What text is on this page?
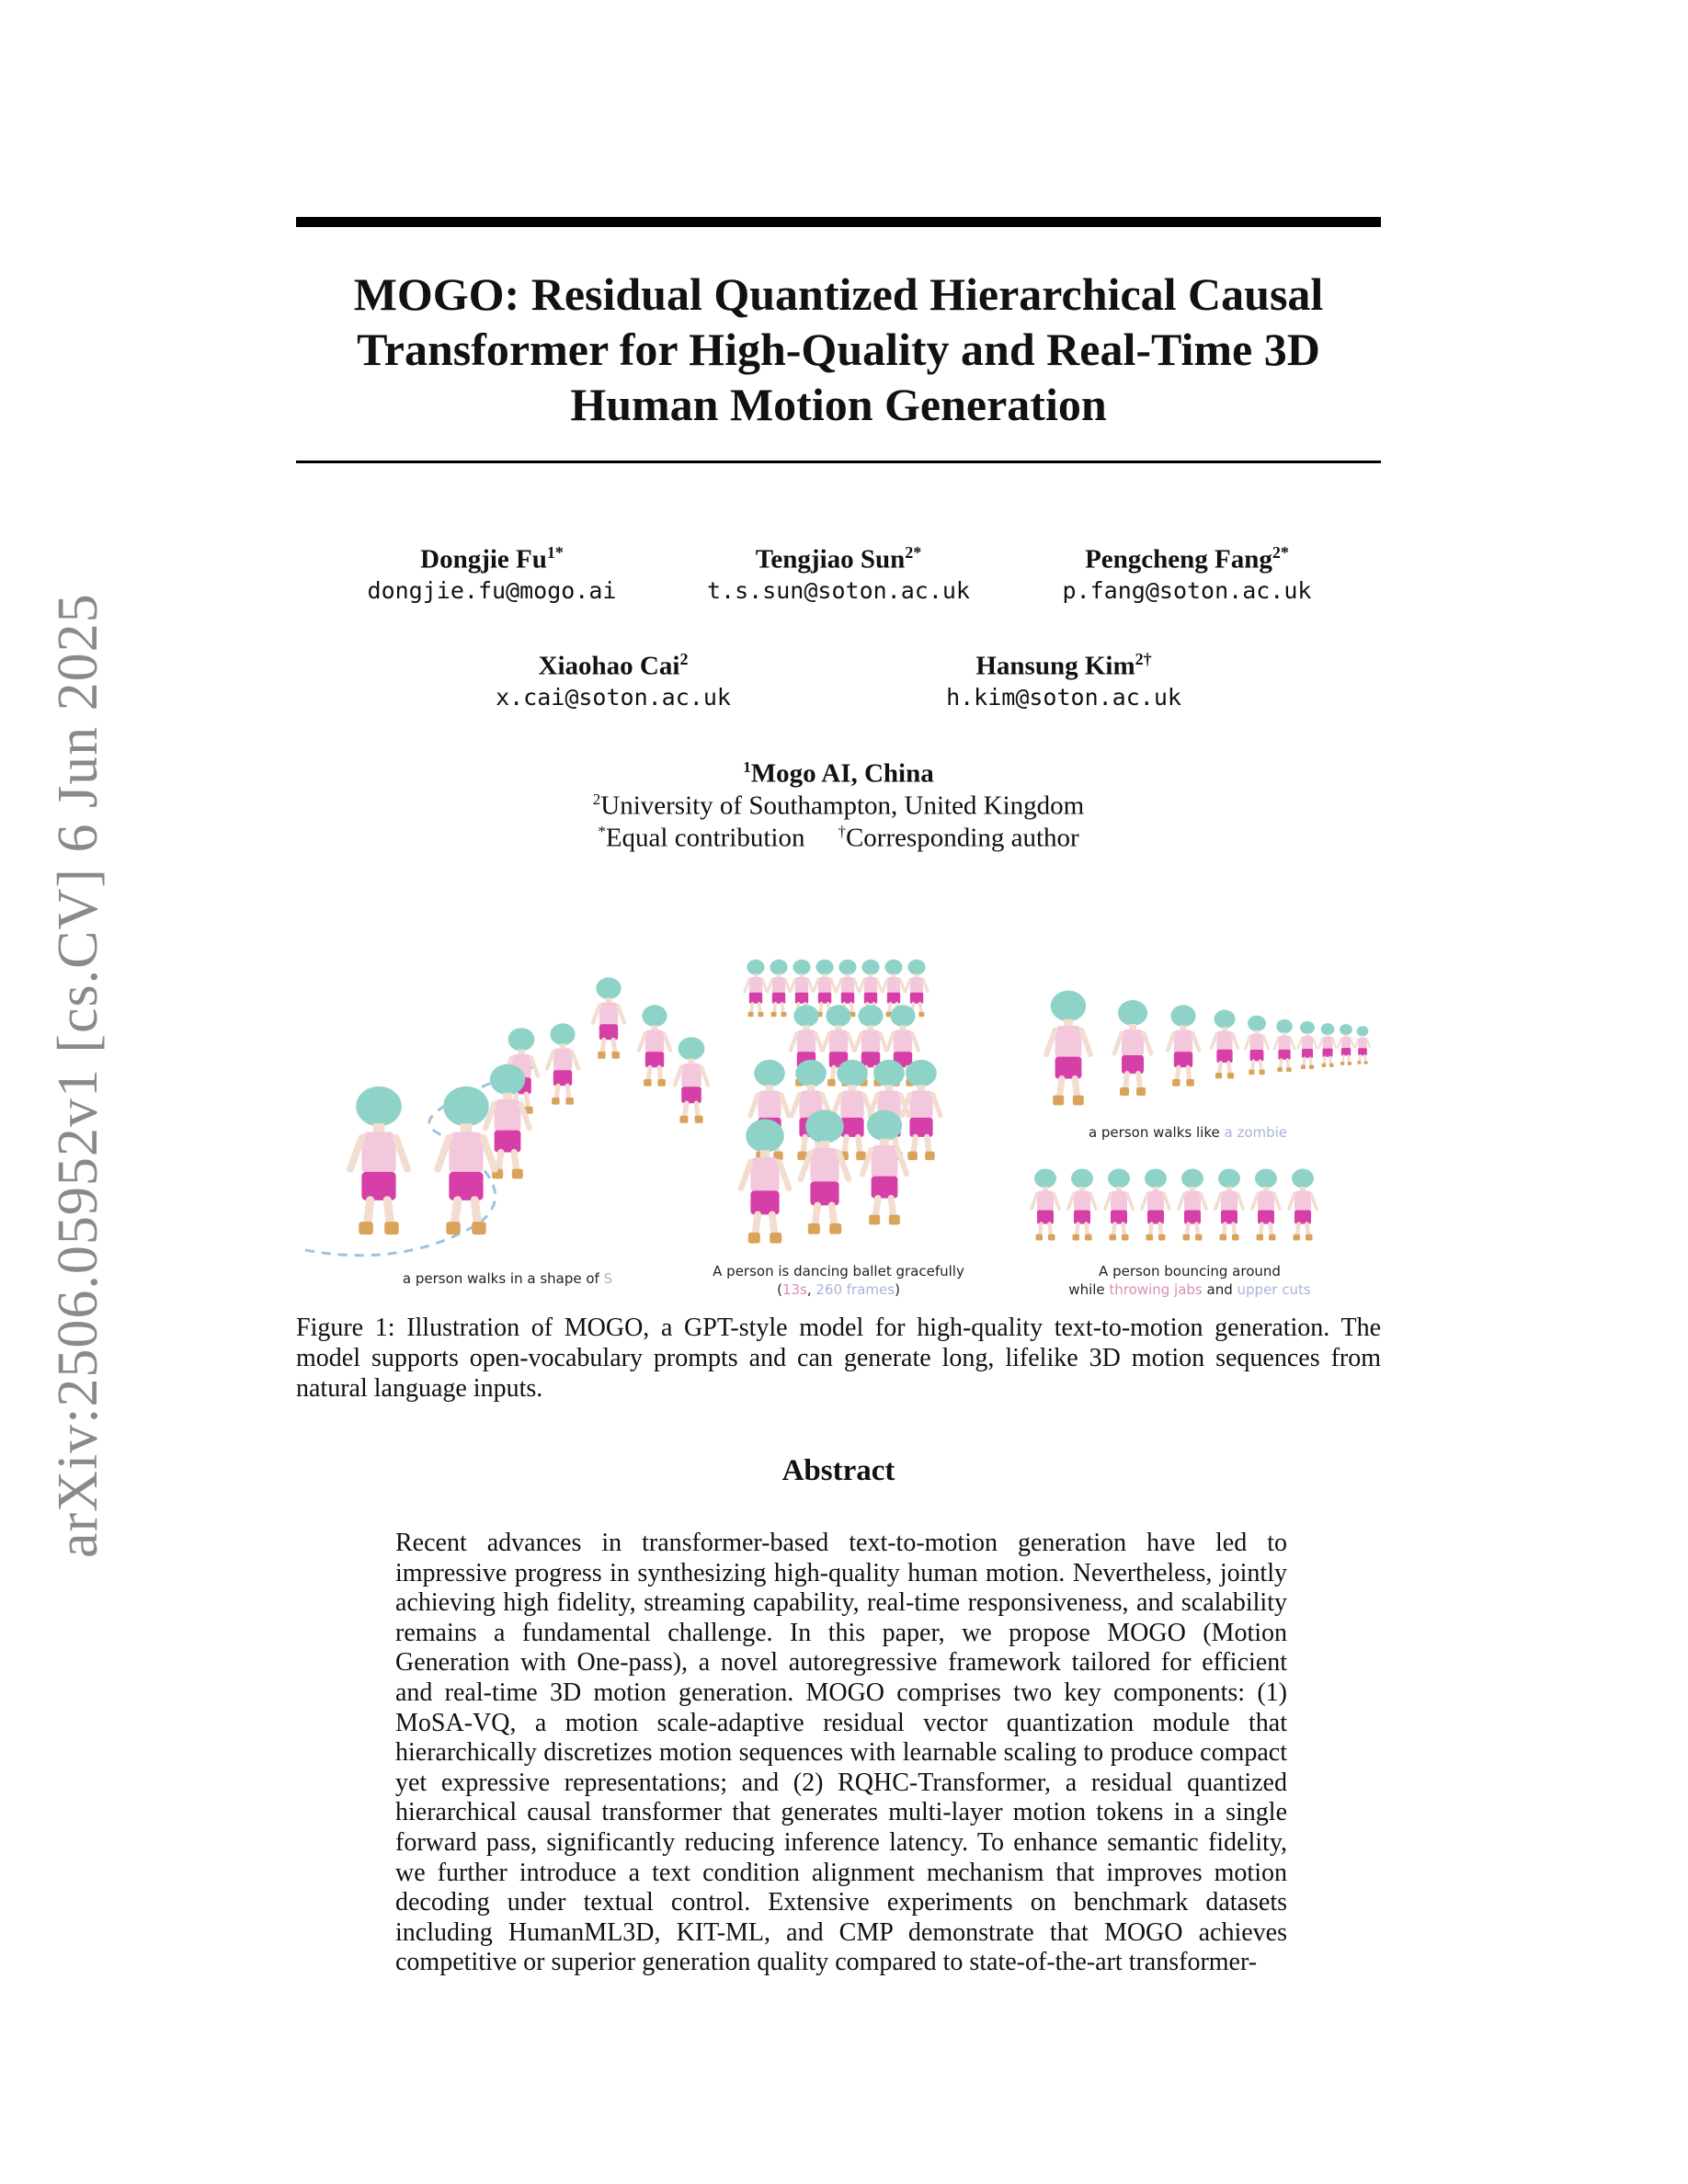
arXiv:2506.05952v1 [cs.CV] 6 Jun 2025
MOGO: Residual Quantized Hierarchical Causal
Transformer for High-Quality and Real-Time 3D
Human Motion Generation
Dongjie $Fu^{1*}$
dongjie.fu@mogo.ai
Tengjiao Sun$^{2*}$
t.s.sun@soton.ac.uk
Pengcheng Fang$^{2*}$
p.fang@soton.ac.uk
Xiaohao Cai$^2$
x.cai@soton.ac.uk
Hansung Kim$^{2\dagger}$
h.kim@soton.ac.uk
$^1$Mogo AI, China
$^2$University of Southampton, United Kingdom
*Equal contribution †Corresponding author
a person walks in a shape of S	A person is dancing ballet gracefully
(13s, 260 frames)
a person walks like a zombie
A person bouncing around
while throwing jabs and upper cuts
Figure 1: Illustration of MOGO, a GPT-style model for high-quality text-to-motion generation. The model supports open-vocabulary prompts and can generate long, lifelike 3D motion sequences from natural language inputs.
Abstract
Recent advances in transformer-based text-to-motion generation have led to impressive progress in synthesizing high-quality human motion. Nevertheless, jointly achieving high fidelity, streaming capability, real-time responsiveness, and scalability remains a fundamental challenge. In this paper, we propose MOGO (Motion Generation with One-pass), a novel autoregressive framework tailored for efficient and real-time 3D motion generation. MOGO comprises two key components: (1) MoSA-VQ, a motion scale-adaptive residual vector quantization module that hierarchically discretizes motion sequences with learnable scaling to produce compact yet expressive representations; and (2) RQHC-Transformer, a residual quantized hierarchical causal transformer that generates multi-layer motion tokens in a single forward pass, significantly reducing inference latency. To enhance semantic fidelity, we further introduce a text condition alignment mechanism that improves motion decoding under textual control. Extensive experiments on benchmark datasets including HumanML3D, KIT-ML, and CMP demonstrate that MOGO achieves competitive or superior generation quality compared to state-of-the-art transformer-
